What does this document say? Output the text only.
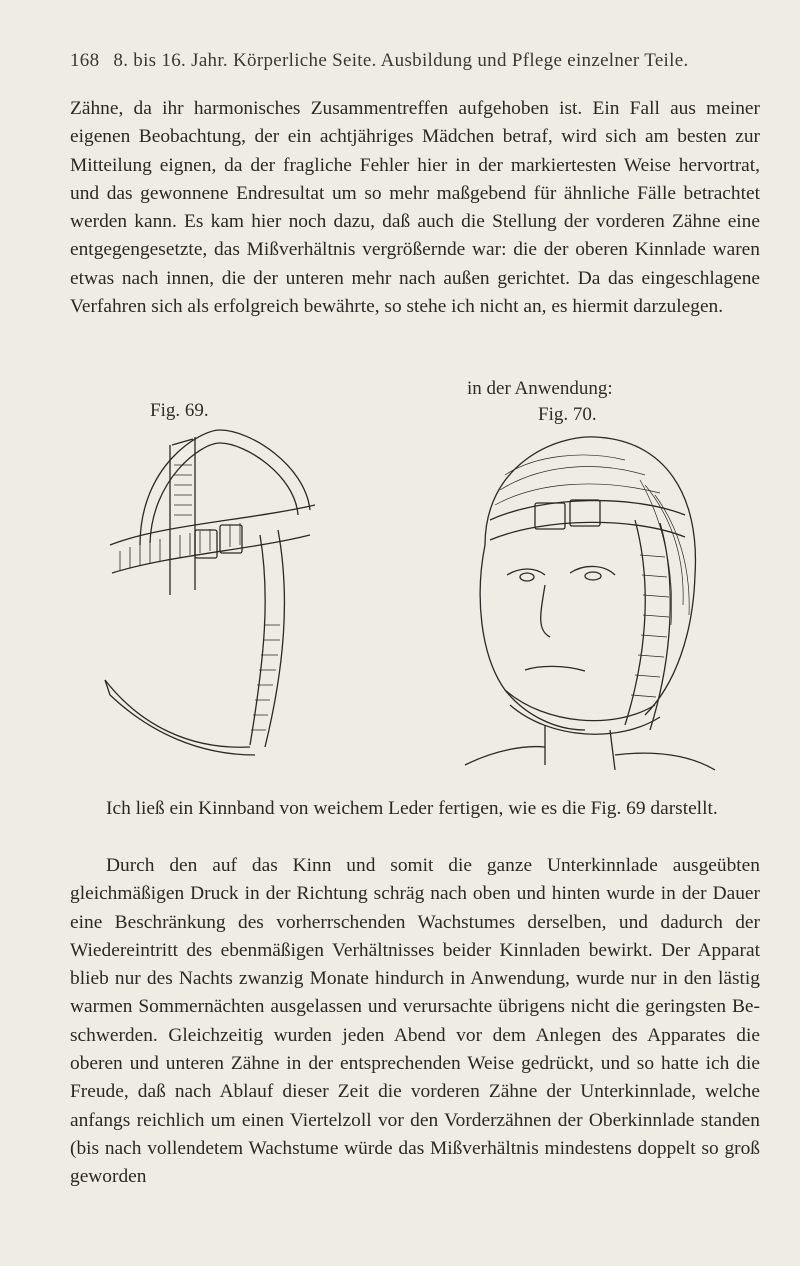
168 8. bis 16. Jahr. Körperliche Seite. Ausbildung und Pflege einzelner Teile.

Zähne, da ihr harmonisches Zusammentreffen aufgehoben ist. Ein Fall aus meiner eigenen Beobachtung, der ein achtjähriges Mädchen betraf, wird sich am besten zur Mitteilung eignen, da der fragliche Fehler hier in der markiertesten Weise hervortrat, und das gewonnene Endresultat um so mehr maßgebend für ähnliche Fälle betrachtet werden kann. Es kam hier noch dazu, daß auch die Stellung der vorderen Zähne eine entgegengesetzte, das Mißverhältnis vergrößernde war: die der oberen Kinnlade waren etwas nach innen, die der unteren mehr nach außen gerichtet. Da das eingeschlagene Verfahren sich als erfolgreich bewährte, so stehe ich nicht an, es hiermit darzulegen.

Fig. 69.
in der Anwendung:
Fig. 70.

Ich ließ ein Kinnband von weichem Leder fertigen, wie es die Fig. 69 darstellt.

Durch den auf das Kinn und somit die ganze Unterkinnlade ausgeübten gleichmäßigen Druck in der Richtung schräg nach oben und hinten wurde in der Dauer eine Beschränkung des vorherrschenden Wachstumes derselben, und dadurch der Wiedereintritt des ebenmäßigen Verhältnisses beider Kinnladen bewirkt. Der Apparat blieb nur des Nachts zwanzig Monate hindurch in Anwendung, wurde nur in den lästig warmen Sommernächten ausgelassen und verursachte übrigens nicht die geringsten Beschwerden. Gleichzeitig wurden jeden Abend vor dem Anlegen des Apparates die oberen und unteren Zähne in der entsprechenden Weise gedrückt, und so hatte ich die Freude, daß nach Ablauf dieser Zeit die vorderen Zähne der Unterkinnlade, welche anfangs reichlich um einen Viertelzoll vor den Vorderzähnen der Oberkinnlade standen (bis nach vollendetem Wachstume würde das Mißverhältnis mindestens doppelt so groß geworden
